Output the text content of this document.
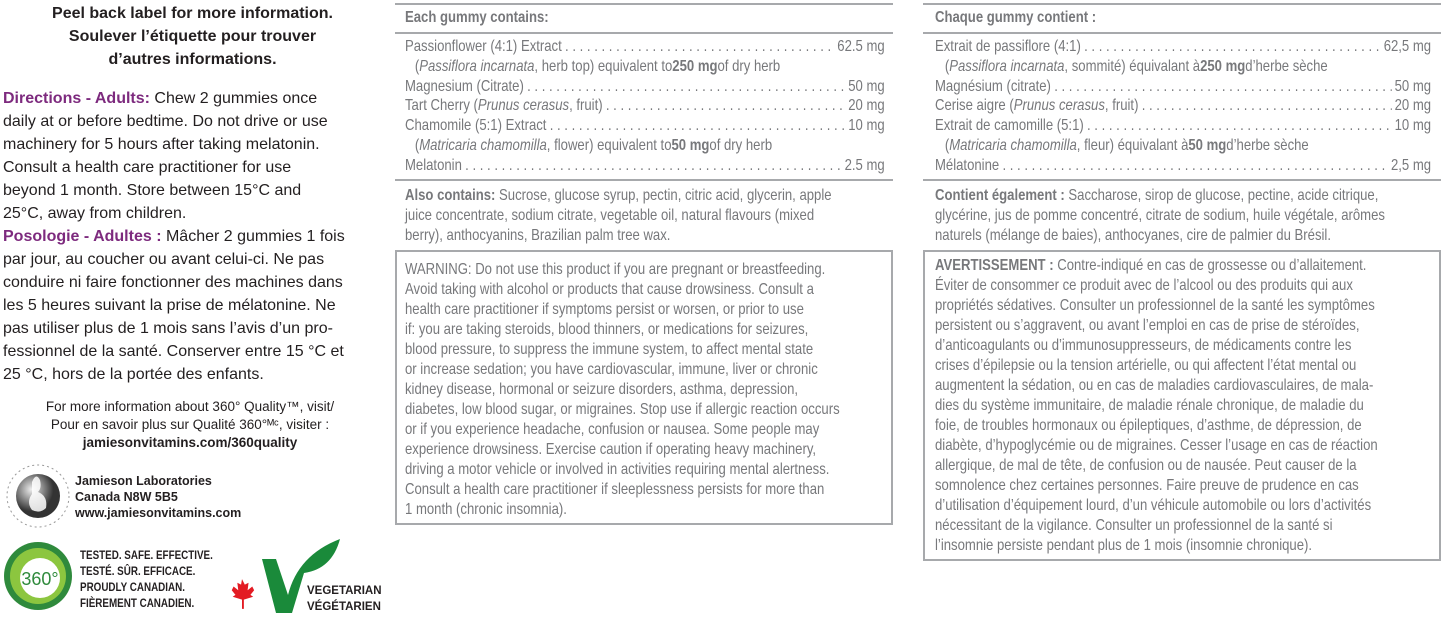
Peel back label for more information.
Soulever l’étiquette pour trouver
d’autres informations.
Directions - Adults: Chew 2 gummies once
daily at or before bedtime. Do not drive or use
machinery for 5 hours after taking melatonin.
Consult a health care practitioner for use
beyond 1 month. Store between 15°C and
25°C, away from children.
Posologie - Adultes : Mâcher 2 gummies 1 fois
par jour, au coucher ou avant celui-ci. Ne pas
conduire ni faire fonctionner des machines dans
les 5 heures suivant la prise de mélatonine. Ne
pas utiliser plus de 1 mois sans l’avis d’un pro-
fessionnel de la santé. Conserver entre 15 °C et
25 °C, hors de la portée des enfants.
For more information about 360° Quality™, visit/
Pour en savoir plus sur Qualité 360°ᴹᶜ, visiter :
jamiesonvitamins.com/360quality
Jamieson Laboratories
Canada N8W 5B5
www.jamiesonvitamins.com
360°
TESTED. SAFE. EFFECTIVE.
TESTÉ. SÛR. EFFICACE.
PROUDLY CANADIAN.
FIÈREMENT CANADIEN.
VEGETARIAN
VÉGÉTARIEN
Each gummy contains:
Passionflower (4:1) Extract . . .	62.5 mg
( Passiflora incarnata , herb top) equivalent to 250 mg of dry herb
Magnesium (Citrate) . . .	50 mg
Tart Cherry (Prunus cerasus, fruit) . . .	20 mg
Chamomile (5:1) Extract . . .	10 mg
( Matricaria chamomilla , flower) equivalent to 50 mg of dry herb
Melatonin . . .	2.5 mg
Also contains: Sucrose, glucose syrup, pectin, citric acid, glycerin, apple
juice concentrate, sodium citrate, vegetable oil, natural flavours (mixed
berry), anthocyanins, Brazilian palm tree wax.
WARNING: Do not use this product if you are pregnant or breastfeeding.
Avoid taking with alcohol or products that cause drowsiness. Consult a
health care practitioner if symptoms persist or worsen, or prior to use
if: you are taking steroids, blood thinners, or medications for seizures,
blood pressure, to suppress the immune system, to affect mental state
or increase sedation; you have cardiovascular, immune, liver or chronic
kidney disease, hormonal or seizure disorders, asthma, depression,
diabetes, low blood sugar, or migraines. Stop use if allergic reaction occurs
or if you experience headache, confusion or nausea. Some people may
experience drowsiness. Exercise caution if operating heavy machinery,
driving a motor vehicle or involved in activities requiring mental alertness.
Consult a health care practitioner if sleeplessness persists for more than
1 month (chronic insomnia).
Chaque gummy contient :
Extrait de passiflore (4:1) . . .	62,5 mg
( Passiflora incarnata , sommité) équivalant à 250 mg d’herbe sèche
Magnésium (citrate) . . .	50 mg
Cerise aigre (Prunus cerasus, fruit) . . .	20 mg
Extrait de camomille (5:1) . . .	10 mg
( Matricaria chamomilla , fleur) équivalant à 50 mg d’herbe sèche
Mélatonine . . .	2,5 mg
Contient également : Saccharose, sirop de glucose, pectine, acide citrique,
glycérine, jus de pomme concentré, citrate de sodium, huile végétale, arômes
naturels (mélange de baies), anthocyanes, cire de palmier du Brésil.
AVERTISSEMENT : Contre-indiqué en cas de grossesse ou d’allaitement.
Éviter de consommer ce produit avec de l’alcool ou des produits qui aux
propriétés sédatives. Consulter un professionnel de la santé les symptômes
persistent ou s’aggravent, ou avant l’emploi en cas de prise de stéroïdes,
d’anticoagulants ou d’immunosuppresseurs, de médicaments contre les
crises d’épilepsie ou la tension artérielle, ou qui affectent l’état mental ou
augmentent la sédation, ou en cas de maladies cardiovasculaires, de mala-
dies du système immunitaire, de maladie rénale chronique, de maladie du
foie, de troubles hormonaux ou épileptiques, d’asthme, de dépression, de
diabète, d’hypoglycémie ou de migraines. Cesser l’usage en cas de réaction
allergique, de mal de tête, de confusion ou de nausée. Peut causer de la
somnolence chez certaines personnes. Faire preuve de prudence en cas
d’utilisation d’équipement lourd, d’un véhicule automobile ou lors d’activités
nécessitant de la vigilance. Consulter un professionnel de la santé si
l’insomnie persiste pendant plus de 1 mois (insomnie chronique).
